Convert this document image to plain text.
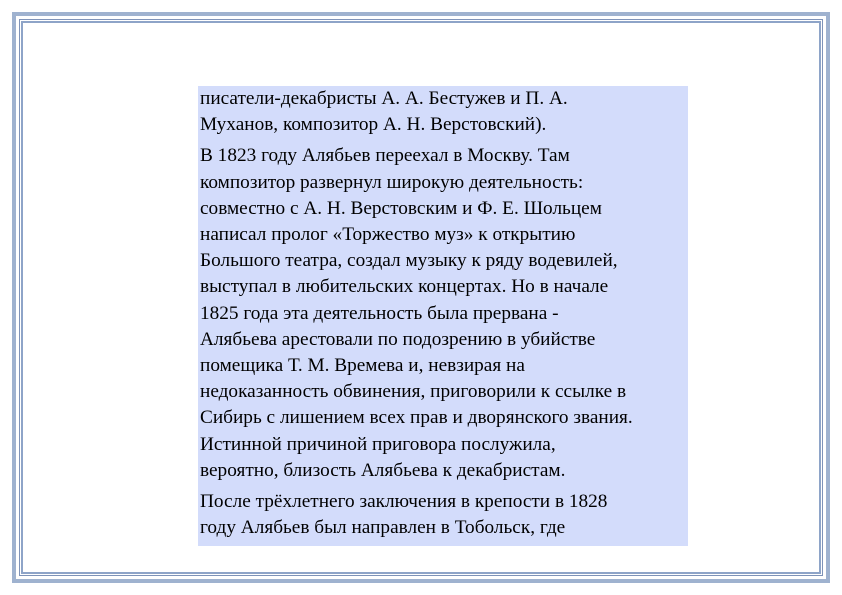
писатели-декабристы А. А. Бестужев и П. А.
Муханов, композитор А. Н. Верстовский).

В 1823 году Алябьев переехал в Москву. Там
композитор развернул широкую деятельность:
совместно с А. Н. Верстовским и Ф. Е. Шольцем
написал пролог «Торжество муз» к открытию
Большого театра, создал музыку к ряду водевилей,
выступал в любительских концертах. Но в начале
1825 года эта деятельность была прервана -
Алябьева арестовали по подозрению в убийстве
помещика Т. М. Времева и, невзирая на
недоказанность обвинения, приговорили к ссылке в
Сибирь с лишением всех прав и дворянского звания.
Истинной причиной приговора послужила,
вероятно, близость Алябьева к декабристам.

После трёхлетнего заключения в крепости в 1828
году Алябьев был направлен в Тобольск, где
